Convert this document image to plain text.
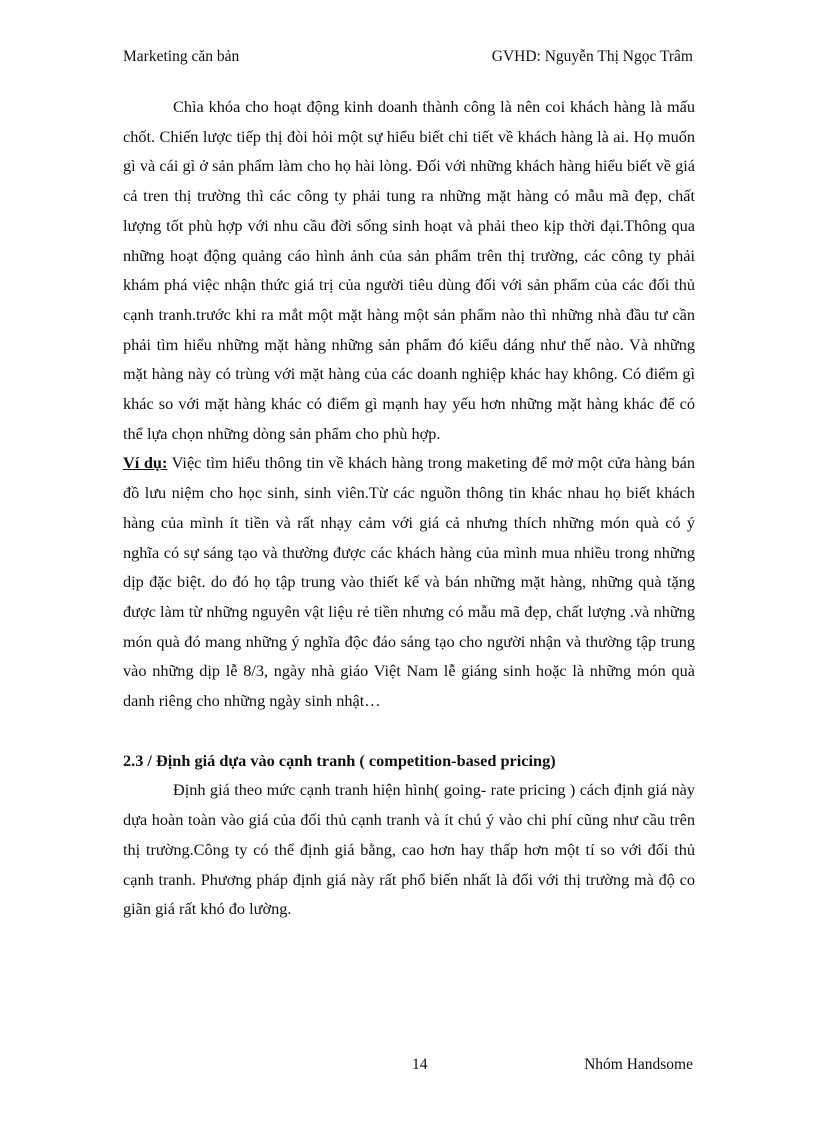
Marketing căn bản	GVHD: Nguyễn Thị Ngọc Trâm

Chìa khóa cho hoạt động kinh doanh thành công là nên coi khách hàng là mấu chốt. Chiến lược tiếp thị đòi hỏi một sự hiểu biết chi tiết về khách hàng là ai. Họ muốn gì và cái gì ở sản phẩm làm cho họ hài lòng. Đối với những khách hàng hiểu biết về giá cả tren thị trường thì các công ty phải tung ra những mặt hàng có mẫu mã đẹp, chất lượng tốt phù hợp với nhu cầu đời sống sinh hoạt và phải theo kịp thời đại.Thông qua những hoạt động quảng cáo hình ảnh của sản phẩm trên thị trường, các công ty phải khám phá việc nhận thức giá trị của người tiêu dùng đối với sản phẩm của các đối thủ cạnh tranh.trước khi ra mắt một mặt hàng một sản phẩm nào thì những nhà đầu tư cần phải tìm hiểu những mặt hàng những sản phẩm đó kiểu dáng như thế nào. Và những mặt hàng này có trùng với mặt hàng của các doanh nghiệp khác hay không. Có điểm gì khác so với mặt hàng khác có điểm gì mạnh hay yếu hơn những mặt hàng khác để có thể lựa chọn những dòng sản phẩm cho phù hợp.

Ví dụ: Việc tìm hiểu thông tin về khách hàng trong maketing để mở một cửa hàng bán đồ lưu niệm cho học sinh, sinh viên.Từ các nguồn thông tin khác nhau họ biết khách hàng của mình ít tiền và rất nhạy cảm với giá cả nhưng thích những món quà có ý nghĩa có sự sáng tạo và thường được các khách hàng của mình mua nhiều trong những dịp đặc biệt. do đó họ tập trung vào thiết kế và bán những mặt hàng, những quà tặng được làm từ những nguyên vật liệu rẻ tiền nhưng có mẫu mã đẹp, chất lượng .và những món quà đó mang những ý nghĩa độc đáo sáng tạo cho người nhận và thường tập trung vào những dịp lễ 8/3, ngày nhà giáo Việt Nam lễ giáng sinh hoặc là những món quà danh riêng cho những ngày sinh nhật…

2.3 / Định giá dựa vào cạnh tranh ( competition-based pricing)

Định giá theo mức cạnh tranh hiện hình( going- rate pricing ) cách định giá này dựa hoàn toàn vào giá của đối thủ cạnh tranh và ít chú ý vào chi phí cũng như cầu trên thị trường.Công ty có thể định giá bằng, cao hơn hay thấp hơn một tí so với đối thủ cạnh tranh. Phương pháp định giá này rất phổ biến nhất là đối với thị trường mà độ co giãn giá rất khó đo lường.

14	Nhóm Handsome
